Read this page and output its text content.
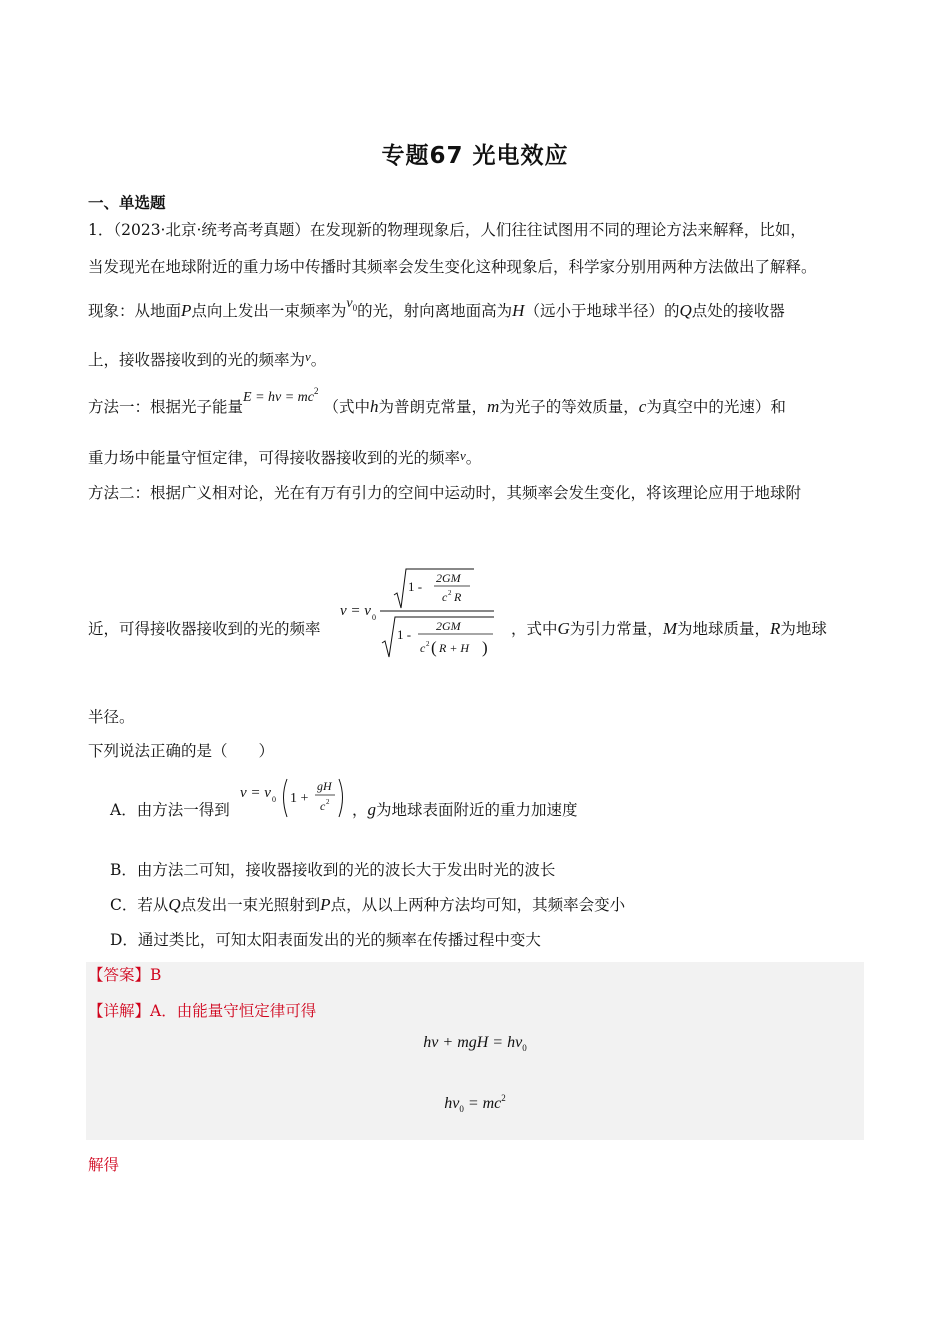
专题67 光电效应
一、单选题
1．（2023·北京·统考高考真题）在发现新的物理现象后，人们往往试图用不同的理论方法来解释，比如，
当发现光在地球附近的重力场中传播时其频率会发生变化这种现象后，科学家分别用两种方法做出了解释。
现象：从地面P点向上发出一束频率为$\nu_0$的光，射向离地面高为H（远小于地球半径）的Q点处的接收器
上，接收器接收到的光的频率为$^\nu$。
方法一：根据光子能量$E = h\nu = mc^2$ （式中h为普朗克常量，m为光子的等效质量，c为真空中的光速）和
重力场中能量守恒定律，可得接收器接收到的光的频率ν。
方法二：根据广义相对论，光在有万有引力的空间中运动时，其频率会发生变化，将该理论应用于地球附
近，可得接收器接收到的光的频率
ν = ν 0
1 -
2GM
c 2 R
1 -
2GM
c 2 ( R + H )
，式中G为引力常量，M为地球质量，R为地球
半径。
下列说法正确的是（　　）
A．由方法一得到
ν = ν 0 1 +
gH
c 2 ，g为地球表面附近的重力加速度
B．由方法二可知，接收器接收到的光的波长大于发出时光的波长
C．若从Q点发出一束光照射到P点，从以上两种方法均可知，其频率会变小
D．通过类比，可知太阳表面发出的光的频率在传播过程中变大
【答案】B
【详解】A．由能量守恒定律可得
hν + mgH = $h\nu_0$
$h\nu_0 = mc^2$
解得
